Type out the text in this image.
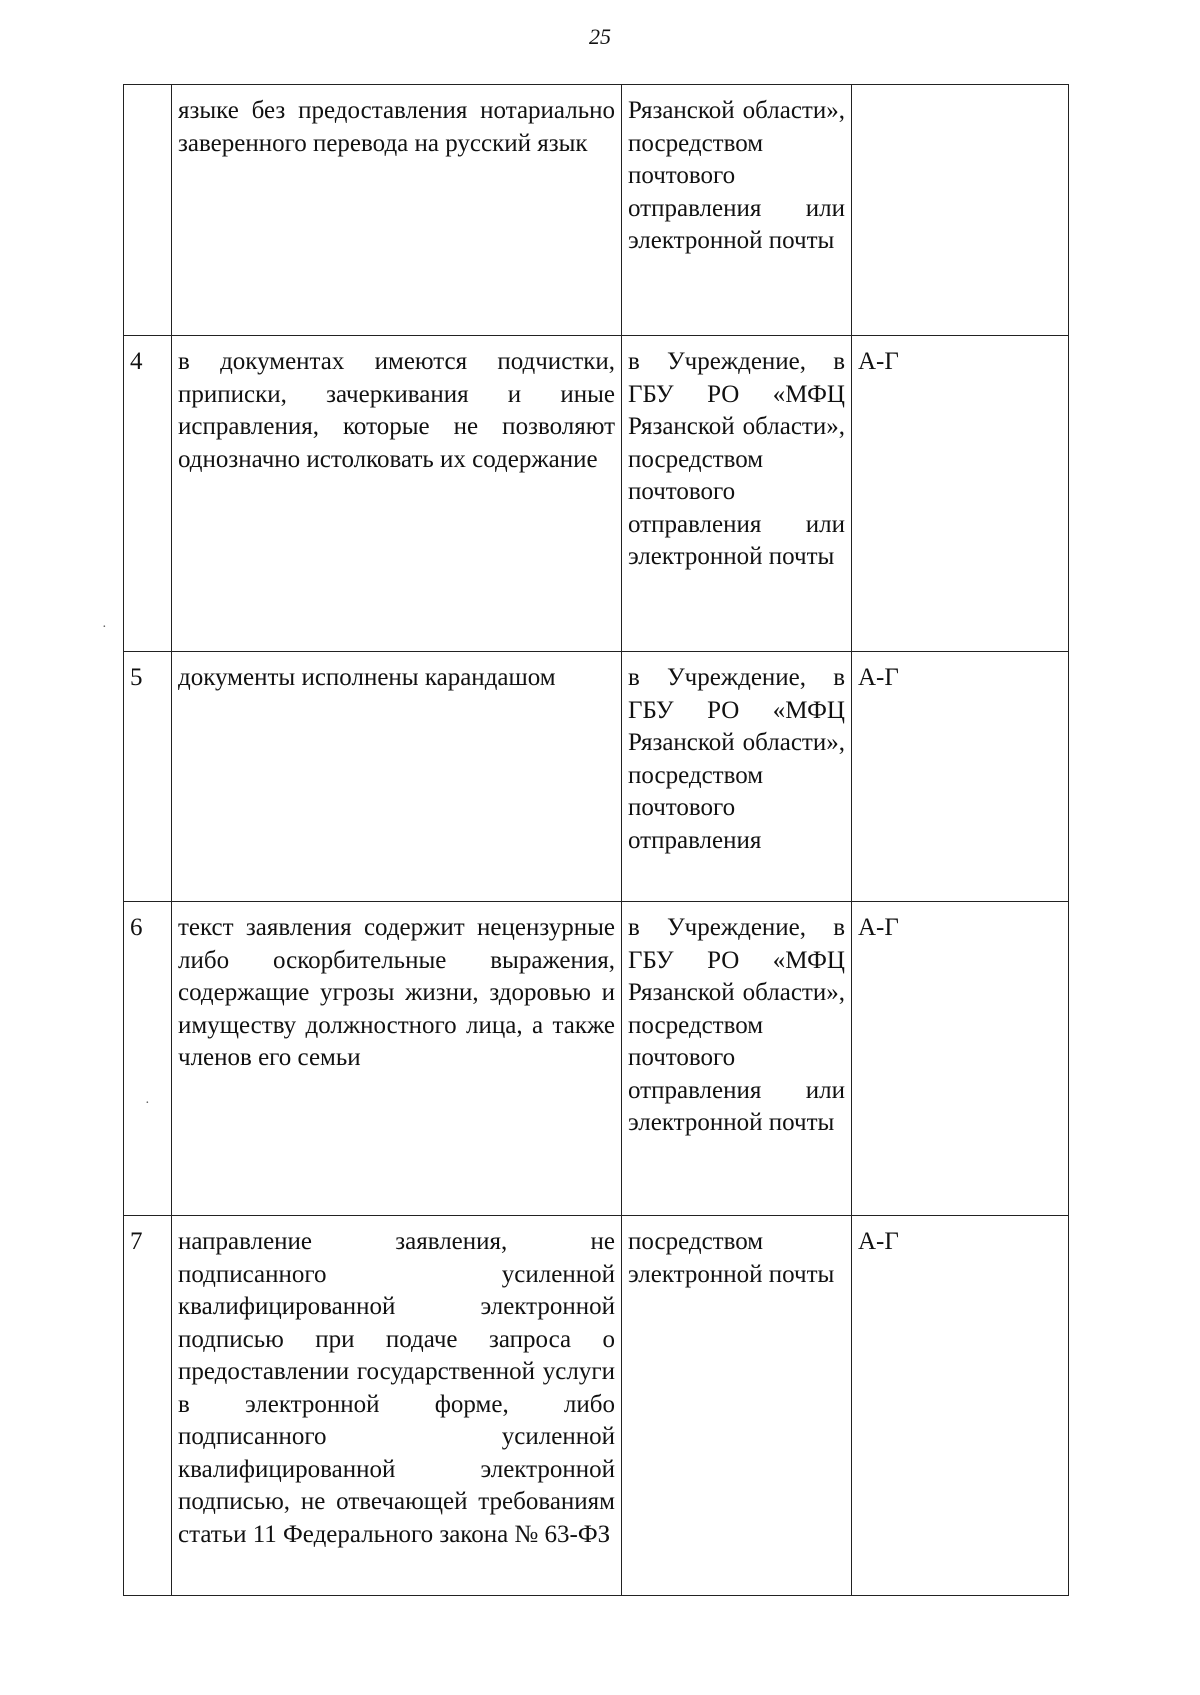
25
	языке без предоставления нотариально заверенного перевода на русский язык	Рязанской области», посредством почтового отправления или электронной почты	
4	в документах имеются подчистки, приписки, зачеркивания и иные исправления, которые не позволяют однозначно истолковать их содержание	в Учреждение, в ГБУ РО «МФЦ Рязанской области», посредством почтового отправления или электронной почты	А-Г
5	документы исполнены карандашом	в Учреждение, в ГБУ РО «МФЦ Рязанской области», посредством почтового отправления	А-Г
6	текст заявления содержит нецензурные либо оскорбительные выражения, содержащие угрозы жизни, здоровью и имуществу должностного лица, а также членов его семьи	в Учреждение, в ГБУ РО «МФЦ Рязанской области», посредством почтового отправления или электронной почты	А-Г
7	направление заявления, не подписанного усиленной квалифицированной электронной подписью при подаче запроса о предоставлении государственной услуги в электронной форме, либо подписанного усиленной квалифицированной электронной подписью, не отвечающей требованиям статьи 11 Федерального закона № 63-ФЗ	посредством электронной почты	А-Г
·
·
